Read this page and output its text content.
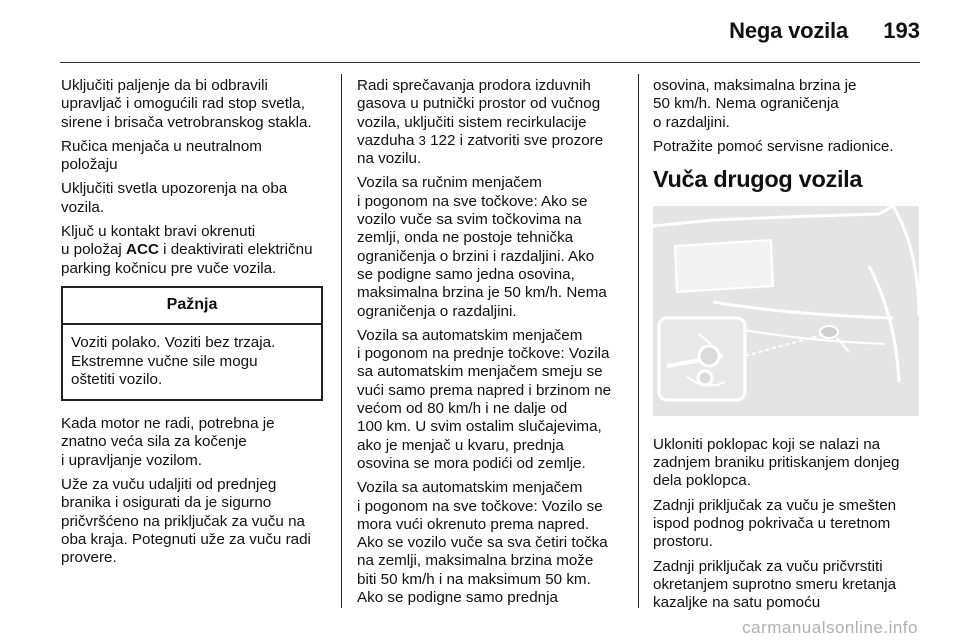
Nega vozila 193

Uključiti paljenje da bi odbravili
upravljač i omogućili rad stop svetla,
sirene i brisača vetrobranskog stakla.

Ručica menjača u neutralnom
položaju

Uključiti svetla upozorenja na oba
vozila.

Ključ u kontakt bravi okrenuti
u položaj ACC i deaktivirati električnu
parking kočnicu pre vuče vozila.

Pažnja
Voziti polako. Voziti bez trzaja.
Ekstremne vučne sile mogu
oštetiti vozilo.

Kada motor ne radi, potrebna je
znatno veća sila za kočenje
i upravljanje vozilom.

Uže za vuču udaljiti od prednjeg
branika i osigurati da je sigurno
pričvršćeno na priključak za vuču na
oba kraja. Potegnuti uže za vuču radi
provere.

Radi sprečavanja prodora izduvnih
gasova u putnički prostor od vučnog
vozila, uključiti sistem recirkulacije
vazduha 3 122 i zatvoriti sve prozore
na vozilu.

Vozila sa ručnim menjačem
i pogonom na sve točkove: Ako se
vozilo vuče sa svim točkovima na
zemlji, onda ne postoje tehnička
ograničenja o brzini i razdaljini. Ako
se podigne samo jedna osovina,
maksimalna brzina je 50 km/h. Nema
ograničenja o razdaljini.

Vozila sa automatskim menjačem
i pogonom na prednje točkove: Vozila
sa automatskim menjačem smeju se
vući samo prema napred i brzinom ne
većom od 80 km/h i ne dalje od
100 km. U svim ostalim slučajevima,
ako je menjač u kvaru, prednja
osovina se mora podići od zemlje.

Vozila sa automatskim menjačem
i pogonom na sve točkove: Vozilo se
mora vući okrenuto prema napred.
Ako se vozilo vuče sa sva četiri točka
na zemlji, maksimalna brzina može
biti 50 km/h i na maksimum 50 km.
Ako se podigne samo prednja

osovina, maksimalna brzina je
50 km/h. Nema ograničenja
o razdaljini.

Potražite pomoć servisne radionice.

Vuča drugog vozila

Ukloniti poklopac koji se nalazi na
zadnjem braniku pritiskanjem donjeg
dela poklopca.

Zadnji priključak za vuču je smešten
ispod podnog pokrivača u teretnom
prostoru.

Zadnji priključak za vuču pričvrstiti
okretanjem suprotno smeru kretanja
kazaljke na satu pomoću

carmanualsonline.info
